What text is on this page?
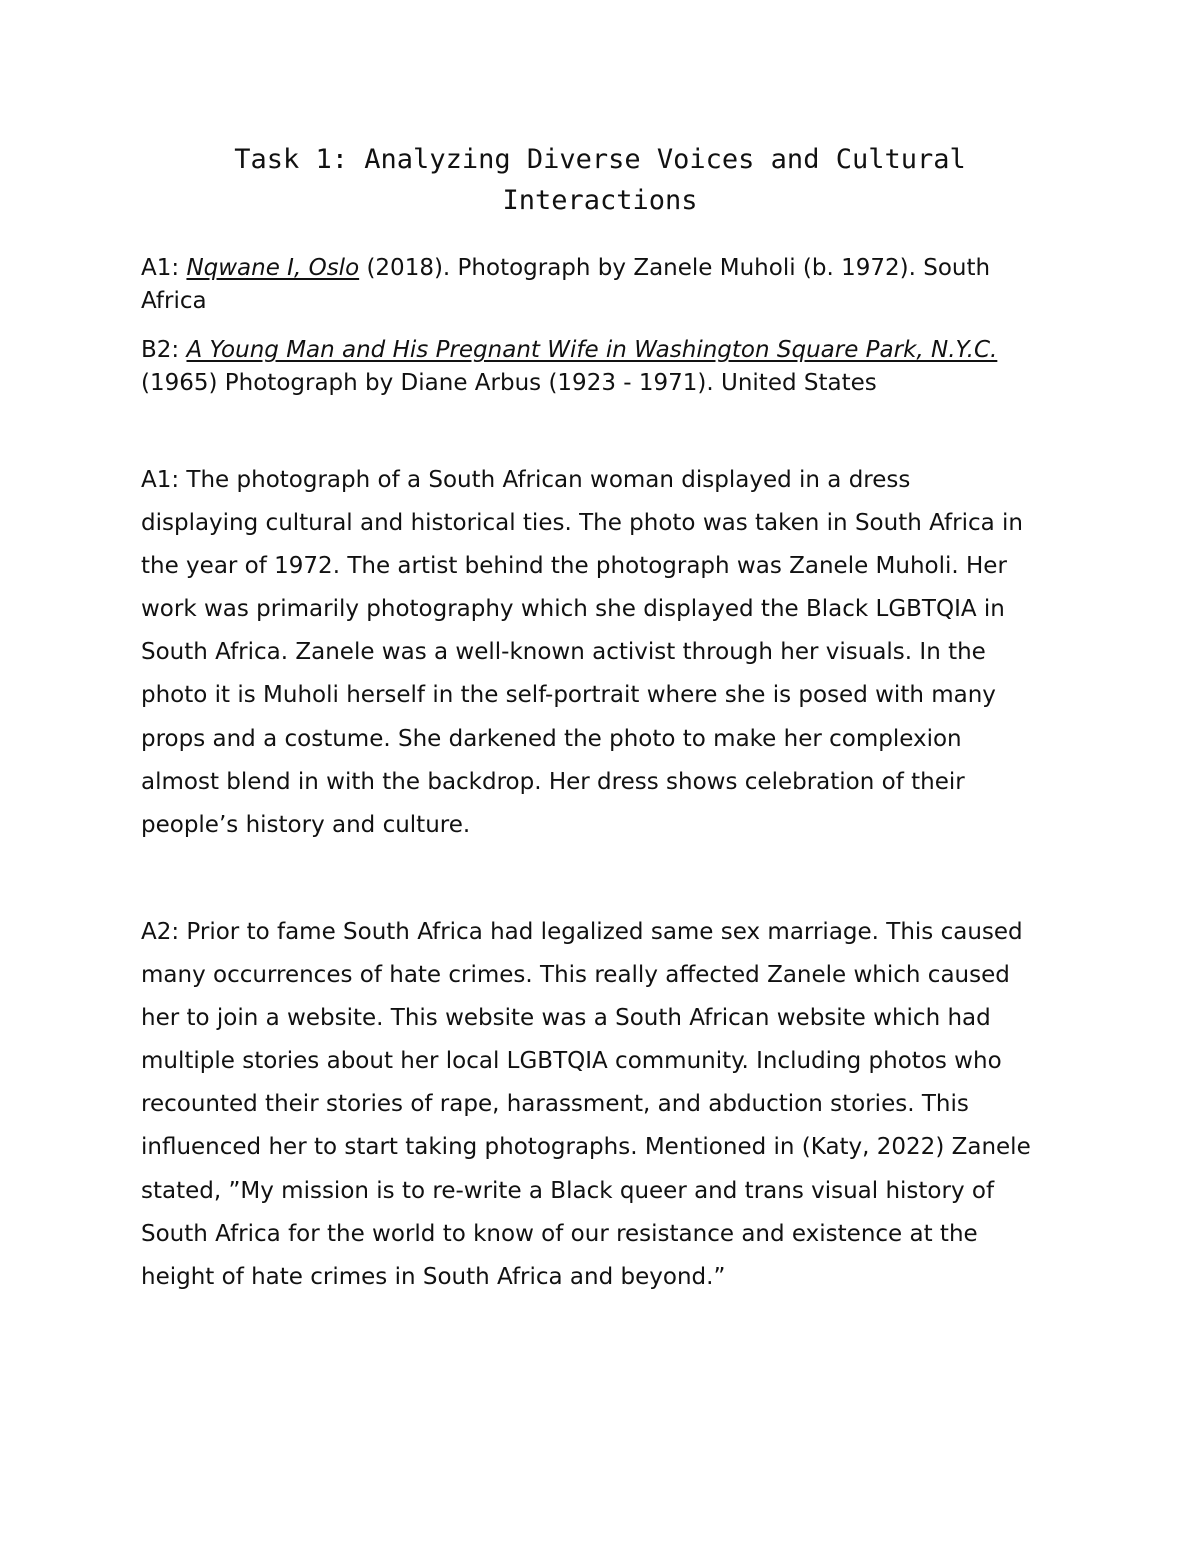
Task 1: Analyzing Diverse Voices and Cultural
Interactions

A1: Nqwane I, Oslo (2018). Photograph by Zanele Muholi (b. 1972). South
Africa

B2: A Young Man and His Pregnant Wife in Washington Square Park, N.Y.C.
(1965) Photograph by Diane Arbus (1923 - 1971). United States

A1: The photograph of a South African woman displayed in a dress
displaying cultural and historical ties. The photo was taken in South Africa in
the year of 1972. The artist behind the photograph was Zanele Muholi. Her
work was primarily photography which she displayed the Black LGBTQIA in
South Africa. Zanele was a well-known activist through her visuals. In the
photo it is Muholi herself in the self-portrait where she is posed with many
props and a costume. She darkened the photo to make her complexion
almost blend in with the backdrop. Her dress shows celebration of their
people’s history and culture.

A2: Prior to fame South Africa had legalized same sex marriage. This caused
many occurrences of hate crimes. This really affected Zanele which caused
her to join a website. This website was a South African website which had
multiple stories about her local LGBTQIA community. Including photos who
recounted their stories of rape, harassment, and abduction stories. This
influenced her to start taking photographs. Mentioned in (Katy, 2022) Zanele
stated, ”My mission is to re-write a Black queer and trans visual history of
South Africa for the world to know of our resistance and existence at the
height of hate crimes in South Africa and beyond.”
